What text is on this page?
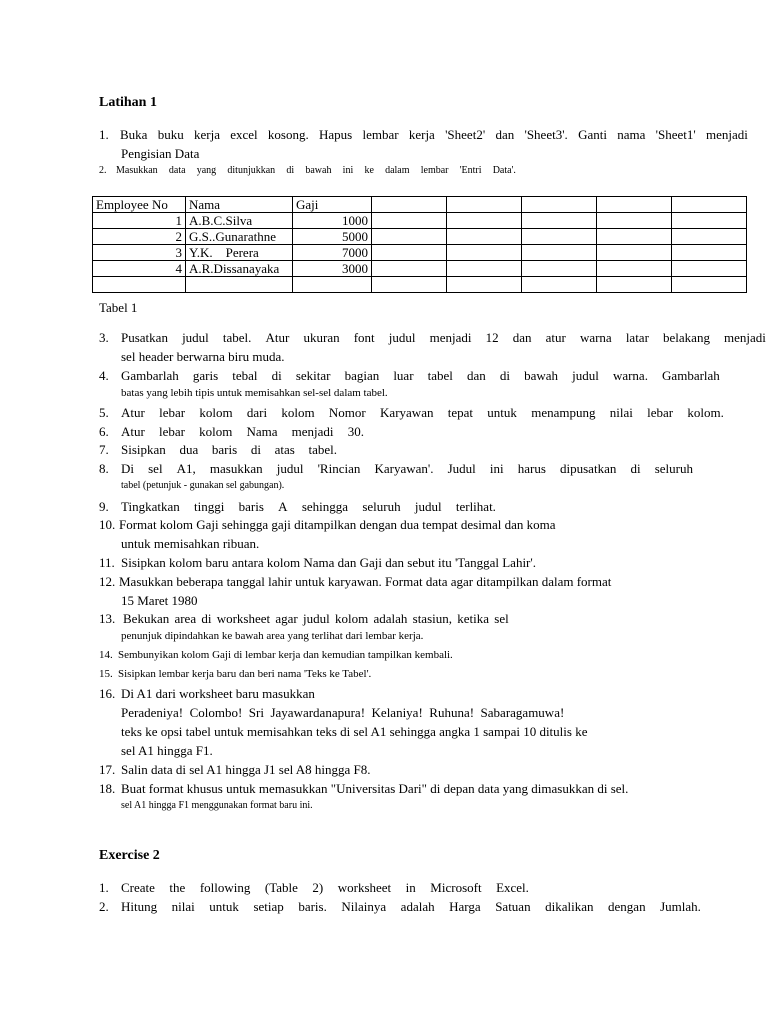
Latihan 1
1. Buka buku kerja excel kosong. Hapus lembar kerja 'Sheet2' dan 'Sheet3'. Ganti nama 'Sheet1' menjadi
Pengisian Data
2. Masukkan data yang ditunjukkan di bawah ini ke dalam lembar 'Entri Data'.
Employee No	Nama	Gaji					
1	A.B.C.Silva	1000					
2	G.S..Gunarathne	5000					
3	Y.K.    Perera	7000					
4	A.R.Dissanayaka	3000					

Tabel 1
3. Pusatkan judul tabel. Atur ukuran font judul menjadi 12 dan atur warna latar belakang menjadi
sel header berwarna biru muda.
4. Gambarlah garis tebal di sekitar bagian luar tabel dan di bawah judul warna. Gambarlah
batas yang lebih tipis untuk memisahkan sel-sel dalam tabel.
5. Atur lebar kolom dari kolom Nomor Karyawan tepat untuk menampung nilai lebar kolom.
6. Atur lebar kolom Nama menjadi 30.
7. Sisipkan dua baris di atas tabel.
8. Di sel A1, masukkan judul 'Rincian Karyawan'. Judul ini harus dipusatkan di seluruh
tabel (petunjuk - gunakan sel gabungan).
9. Tingkatkan tinggi baris A sehingga seluruh judul terlihat.
10. Format kolom Gaji sehingga gaji ditampilkan dengan dua tempat desimal dan koma
untuk memisahkan ribuan.
11. Sisipkan kolom baru antara kolom Nama dan Gaji dan sebut itu 'Tanggal Lahir'.
12. Masukkan beberapa tanggal lahir untuk karyawan. Format data agar ditampilkan dalam format
15 Maret 1980
13. Bekukan area di worksheet agar judul kolom adalah stasiun, ketika sel
penunjuk dipindahkan ke bawah area yang terlihat dari lembar kerja.
14. Sembunyikan kolom Gaji di lembar kerja dan kemudian tampilkan kembali.
15. Sisipkan lembar kerja baru dan beri nama 'Teks ke Tabel'.
16. Di A1 dari worksheet baru masukkan
Peradeniya!  Colombo!  Sri  Jayawardanapura!  Kelaniya!  Ruhuna!  Sabaragamuwa!
teks ke opsi tabel untuk memisahkan teks di sel A1 sehingga angka 1 sampai 10 ditulis ke
sel A1 hingga F1.
17. Salin data di sel A1 hingga J1 sel A8 hingga F8.
18. Buat format khusus untuk memasukkan "Universitas Dari" di depan data yang dimasukkan di sel.
sel A1 hingga F1 menggunakan format baru ini.
Exercise 2
1. Create the following (Table 2) worksheet in Microsoft Excel.
2. Hitung nilai untuk setiap baris. Nilainya adalah Harga Satuan dikalikan dengan Jumlah.
